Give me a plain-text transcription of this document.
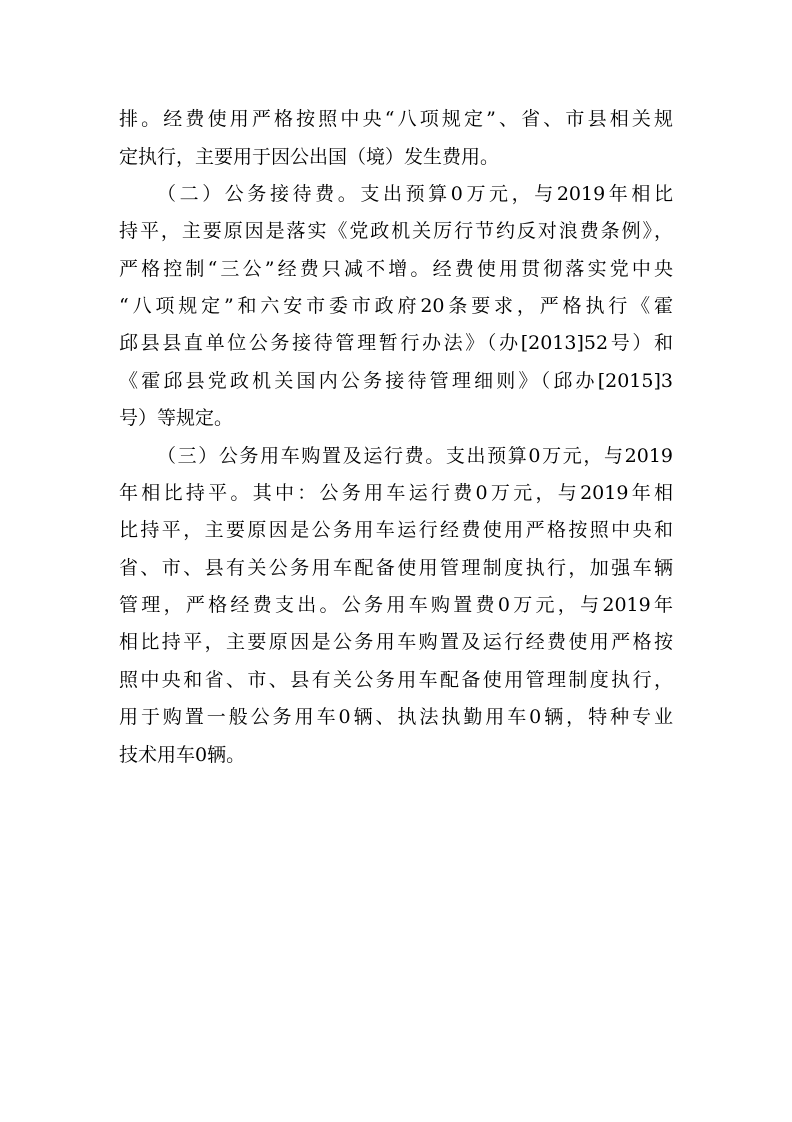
排。经费使用严格按照中央“八项规定”、省、市县相关规

定执行，主要用于因公出国（境）发生费用。

（二）公务接待费。支出预算0万元，与2019年相比

持平，主要原因是落实《党政机关厉行节约反对浪费条例》，

严格控制“三公”经费只减不增。经费使用贯彻落实党中央

“八项规定”和六安市委市政府20条要求，严格执行《霍

邱县县直单位公务接待管理暂行办法》（办[2013]52号）和

《霍邱县党政机关国内公务接待管理细则》（邱办[2015]3

号）等规定。

（三）公务用车购置及运行费。支出预算0万元，与2019

年相比持平。其中：公务用车运行费0万元，与2019年相

比持平，主要原因是公务用车运行经费使用严格按照中央和

省、市、县有关公务用车配备使用管理制度执行，加强车辆

管理，严格经费支出。公务用车购置费0万元，与2019年

相比持平，主要原因是公务用车购置及运行经费使用严格按

照中央和省、市、县有关公务用车配备使用管理制度执行，

用于购置一般公务用车0辆、执法执勤用车0辆，特种专业

技术用车0辆。
